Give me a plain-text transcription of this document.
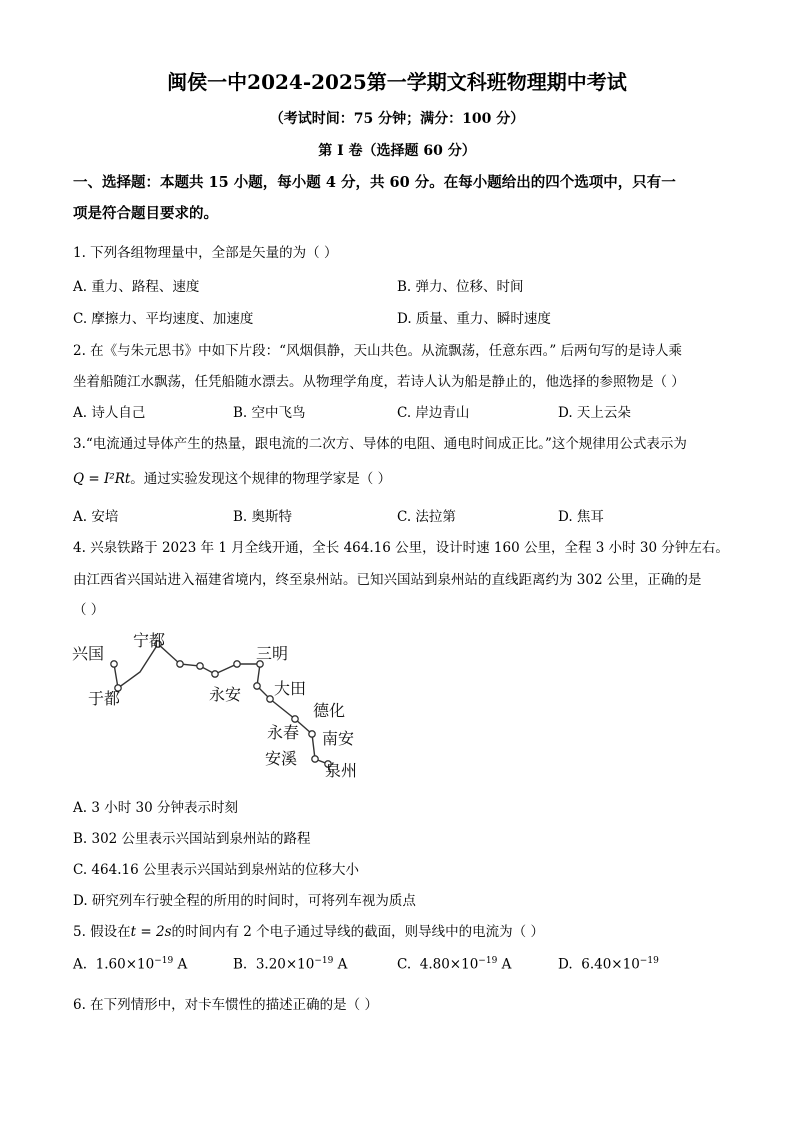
闽侯一中2024-2025第一学期文科班物理期中考试
（考试时间：75 分钟；满分：100 分）
第 I 卷（选择题 60 分）
一、选择题：本题共 15 小题，每小题 4 分，共 60 分。在每小题给出的四个选项中，只有一
项是符合题目要求的。
1. 下列各组物理量中，全部是矢量的为（ ）
A. 重力、路程、速度	B. 弹力、位移、时间
C. 摩擦力、平均速度、加速度	D. 质量、重力、瞬时速度
2. 在《与朱元思书》中如下片段：“风烟俱静，天山共色。从流飘荡，任意东西。” 后两句写的是诗人乘
坐着船随江水飘荡，任凭船随水漂去。从物理学角度，若诗人认为船是静止的，他选择的参照物是（ ）
A. 诗人自己	B. 空中飞鸟	C. 岸边青山	D. 天上云朵
3.“电流通过导体产生的热量，跟电流的二次方、导体的电阻、通电时间成正比。”这个规律用公式表示为
Q = I²Rt。通过实验发现这个规律的物理学家是（ ）
A. 安培	B. 奥斯特	C. 法拉第	D. 焦耳
4. 兴泉铁路于 2023 年 1 月全线开通，全长 464.16 公里，设计时速 160 公里，全程 3 小时 30 分钟左右。
由江西省兴国站进入福建省境内，终至泉州站。已知兴国站到泉州站的直线距离约为 302 公里，正确的是
（ ）
兴国
于都
宁都
三明
永安 大田
德化
永春 南安
安溪
泉州
A. 3 小时 30 分钟表示时刻
B. 302 公里表示兴国站到泉州站的路程
C. 464.16 公里表示兴国站到泉州站的位移大小
D. 研究列车行驶全程的所用的时间时，可将列车视为质点
5. 假设在t = 2s的时间内有 2 个电子通过导线的截面，则导线中的电流为（ ）
A. $1.60\times 10^{-19}$ A	B. $3.20\times 10^{-19}$ A	C. $4.80\times 10^{-19}$ A	D. $6.40\times 10^{-19}$
6. 在下列情形中，对卡车惯性的描述正确的是（ ）
